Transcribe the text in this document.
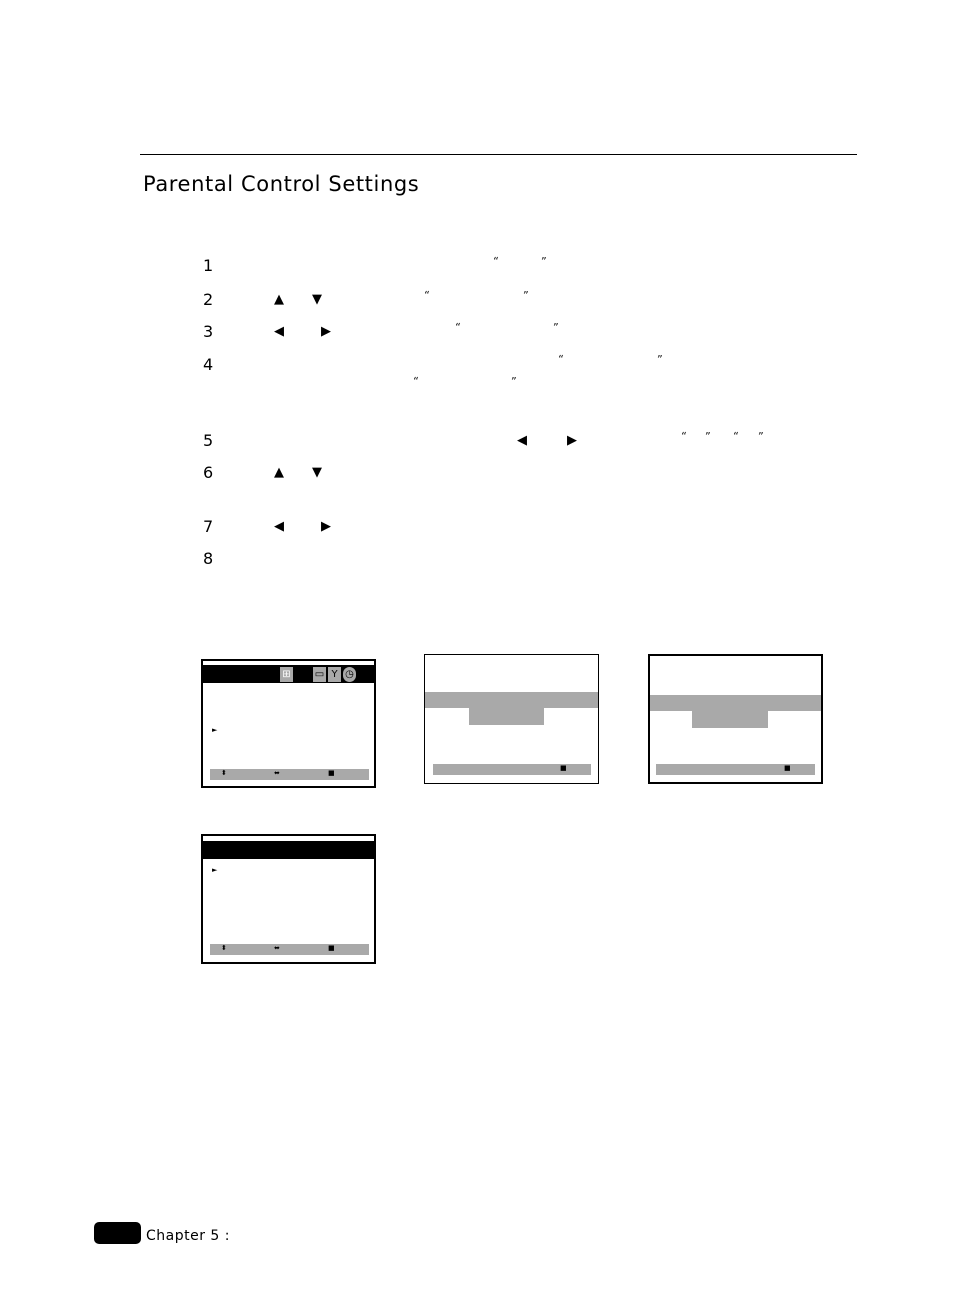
Parental Control Settings
1
2
3
4
5
6
7
8
“	”
▲ ▼	“	”
◀	▶	“	”
“	”
“	”
◀	▶	“ ” “ ”
▲ ▼
◀	▶
⊞ ▭ Y ◷
►
⬍	⬌	■
■	■
►
⬍	⬌	■
Chapter 5 :
